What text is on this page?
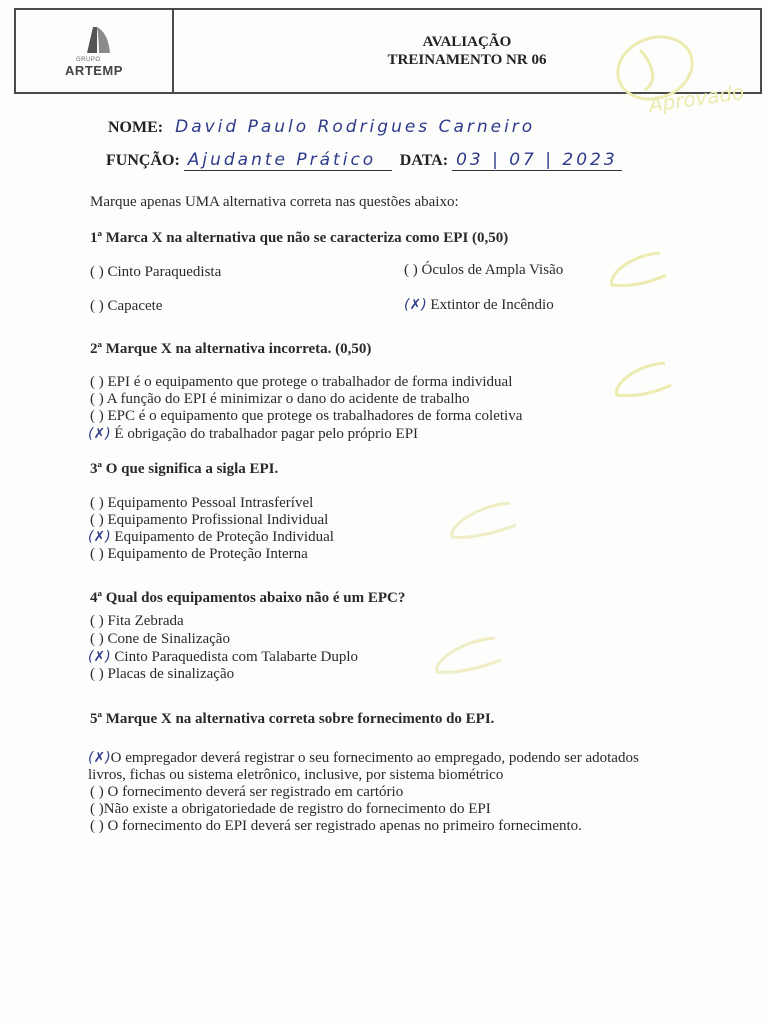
GRUPO
ARTEMP
AVALIAÇÃO
TREINAMENTO NR 06
Aprovado
NOME: David Paulo Rodrigues Carneiro
FUNÇÃO: Ajudante Prático DATA: 03 | 07 | 2023
Marque apenas UMA alternativa correta nas questões abaixo:
1ª Marca X na alternativa que não se caracteriza como EPI (0,50)
( ) Cinto Paraquedista	( ) Óculos de Ampla Visão
( ) Capacete	(✗) Extintor de Incêndio
2ª Marque X na alternativa incorreta. (0,50)
( ) EPI é o equipamento que protege o trabalhador de forma individual
( ) A função do EPI é minimizar o dano do acidente de trabalho
( ) EPC é o equipamento que protege os trabalhadores de forma coletiva
(✗) É obrigação do trabalhador pagar pelo próprio EPI
3ª O que significa a sigla EPI.
( ) Equipamento Pessoal Intrasferível
( ) Equipamento Profissional Individual
(✗) Equipamento de Proteção Individual
( ) Equipamento de Proteção Interna
4ª Qual dos equipamentos abaixo não é um EPC?
( ) Fita Zebrada
( ) Cone de Sinalização
(✗) Cinto Paraquedista com Talabarte Duplo
( ) Placas de sinalização
5ª Marque X na alternativa correta sobre fornecimento do EPI.
(✗)O empregador deverá registrar o seu fornecimento ao empregado, podendo ser adotados
livros, fichas ou sistema eletrônico, inclusive, por sistema biométrico
( ) O fornecimento deverá ser registrado em cartório
( )Não existe a obrigatoriedade de registro do fornecimento do EPI
( ) O fornecimento do EPI deverá ser registrado apenas no primeiro fornecimento.
